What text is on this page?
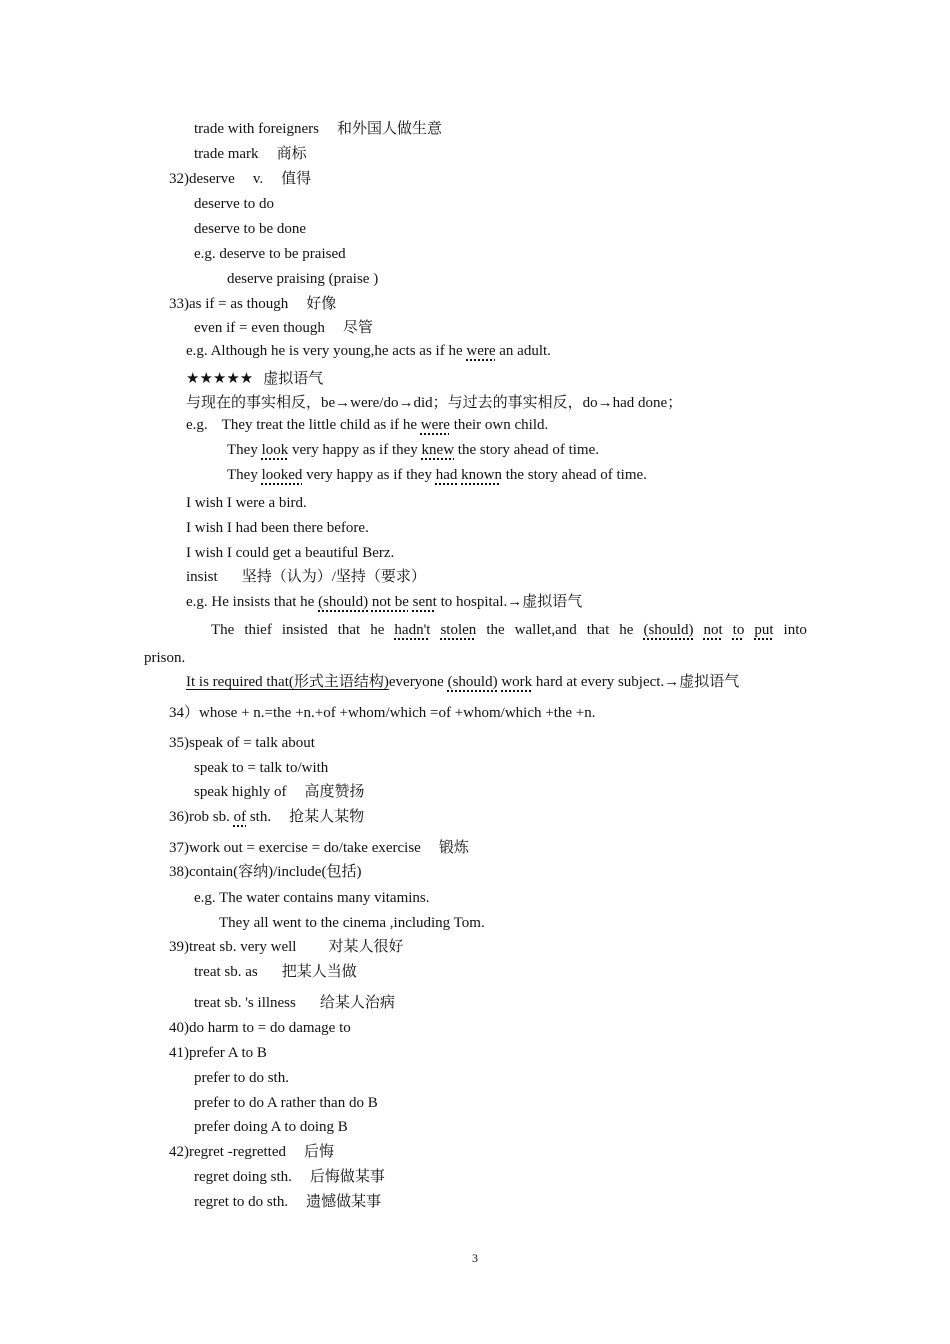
trade with foreigners 和外国人做生意
trade mark 商标
32)deserve v. 值得
deserve to do
deserve to be done
e.g. deserve to be praised
deserve praising (praise )
33)as if = as though 好像
even if = even though 尽管
e.g. Although he is very young,he acts as if he were an adult.
★★★★★ 虚拟语气
与现在的事实相反，be→were/do→did；与过去的事实相反，do→had done；
e.g. They treat the little child as if he were their own child.
They look very happy as if they knew the story ahead of time.
They looked very happy as if they had known the story ahead of time.
I wish I were a bird.
I wish I had been there before.
I wish I could get a beautiful Berz.
insist 坚持（认为）/坚持（要求）
e.g. He insists that he (should) not be sent to hospital.→虚拟语气
The thief insisted that he hadn't stolen the wallet,and that he (should) not to put into
prison.
It is required that(形式主语结构)everyone (should) work hard at every subject.→虚拟语气
34）whose + n.=the +n.+of +whom/which =of +whom/which +the +n.
35)speak of = talk about
speak to = talk to/with
speak highly of 高度赞扬
36)rob sb. of sth. 抢某人某物
37)work out = exercise = do/take exercise 锻炼
38)contain(容纳)/include(包括)
e.g. The water contains many vitamins.
They all went to the cinema ,including Tom.
39)treat sb. very well 对某人很好
treat sb. as 把某人当做
treat sb. 's illness 给某人治病
40)do harm to = do damage to
41)prefer A to B
prefer to do sth.
prefer to do A rather than do B
prefer doing A to doing B
42)regret -regretted 后悔
regret doing sth. 后悔做某事
regret to do sth. 遗憾做某事
3
